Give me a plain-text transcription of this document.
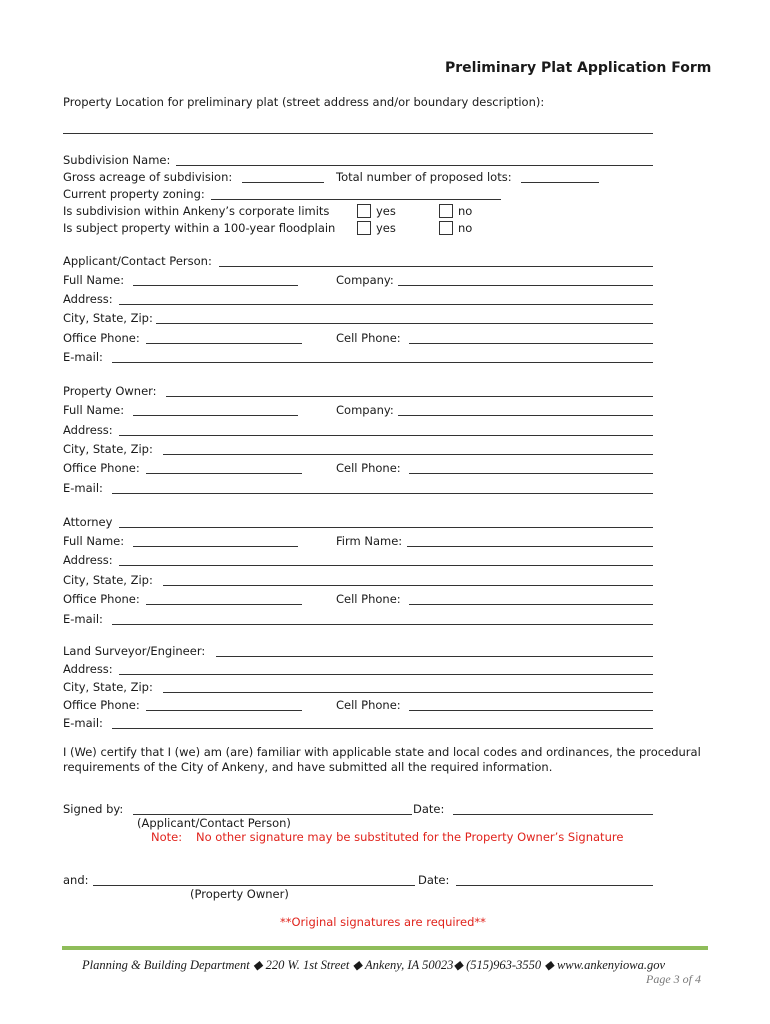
Preliminary Plat Application Form
Property Location for preliminary plat (street address and/or boundary description):
Subdivision Name:
Gross acreage of subdivision:	Total number of proposed lots:
Current property zoning:
Is subdivision within Ankeny’s corporate limits	yes	no
Is subject property within a 100-year floodplain	yes	no
Applicant/Contact Person:
Full Name:	Company:
Address:
City, State, Zip:
Office Phone:	Cell Phone:
E-mail:
Property Owner:
Full Name:	Company:
Address:
City, State, Zip:
Office Phone:	Cell Phone:
E-mail:
Attorney
Full Name:	Firm Name:
Address:
City, State, Zip:
Office Phone:	Cell Phone:
E-mail:
Land Surveyor/Engineer:
Address:
City, State, Zip:
Office Phone:	Cell Phone:
E-mail:
I (We) certify that I (we) am (are) familiar with applicable state and local codes and ordinances, the procedural
requirements of the City of Ankeny, and have submitted all the required information.
Signed by:	Date:
(Applicant/Contact Person)
Note: No other signature may be substituted for the Property Owner’s Signature
and:	Date:
(Property Owner)
**Original signatures are required**
Planning & Building Department ◆ 220 W. 1st Street ◆ Ankeny, IA 50023◆ (515)963-3550 ◆ www.ankenyiowa.gov
Page 3 of 4
